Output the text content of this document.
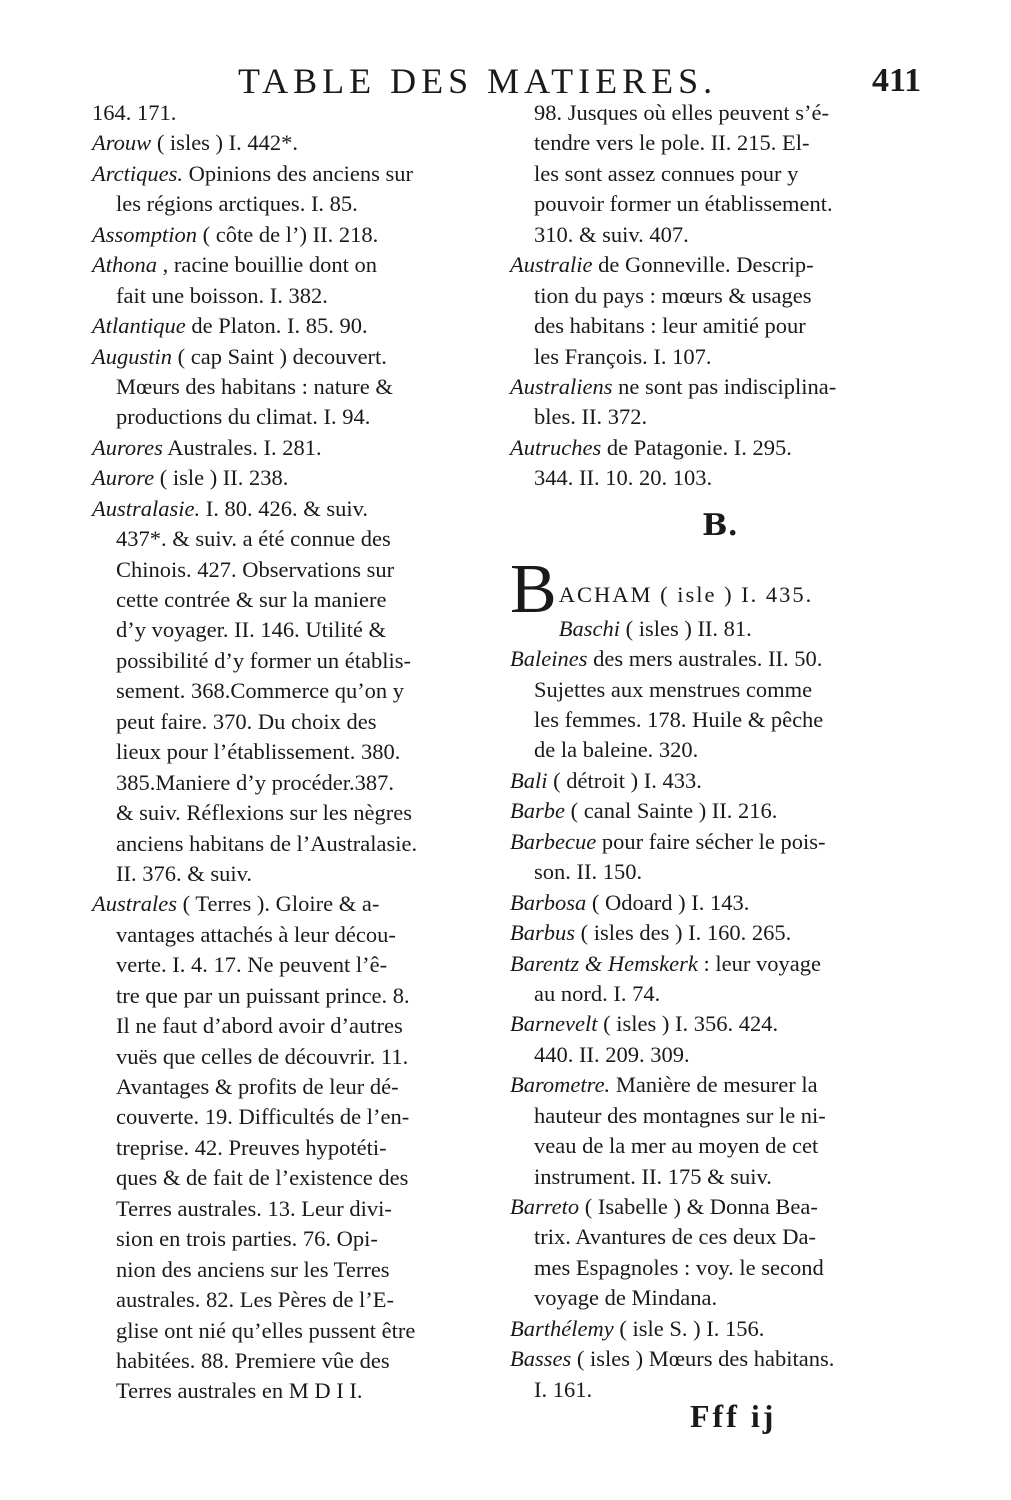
TABLE DES MATIERES.	411
164. 171.
Arouw ( isles ) I. 442*.
Arctiques. Opinions des anciens sur
les régions arctiques. I. 85.
Assomption ( côte de l’) II. 218.
Athona , racine bouillie dont on
fait une boisson. I. 382.
Atlantique de Platon. I. 85. 90.
Augustin ( cap Saint ) decouvert.
Mœurs des habitans : nature &
productions du climat. I. 94.
Aurores Australes. I. 281.
Aurore ( isle ) II. 238.
Australasie. I. 80. 426. & suiv.
437*. & suiv. a été connue des
Chinois. 427. Observations sur
cette contrée & sur la maniere
d’y voyager. II. 146. Utilité &
possibilité d’y former un établis-
sement. 368.Commerce qu’on y
peut faire. 370. Du choix des
lieux pour l’établissement. 380.
385.Maniere d’y procéder.387.
& suiv. Réflexions sur les nègres
anciens habitans de l’Australasie.
II. 376. & suiv.
Australes ( Terres ). Gloire & a-
vantages attachés à leur décou-
verte. I. 4. 17. Ne peuvent l’ê-
tre que par un puissant prince. 8.
Il ne faut d’abord avoir d’autres
vuës que celles de découvrir. 11.
Avantages & profits de leur dé-
couverte. 19. Difficultés de l’en-
treprise. 42. Preuves hypotéti-
ques & de fait de l’existence des
Terres australes. 13. Leur divi-
sion en trois parties. 76. Opi-
nion des anciens sur les Terres
australes. 82. Les Pères de l’E-
glise ont nié qu’elles pussent être
habitées. 88. Premiere vûe des
Terres australes en M D I I.
98. Jusques où elles peuvent s’é-
tendre vers le pole. II. 215. El-
les sont assez connues pour y
pouvoir former un établissement.
310. & suiv. 407.
Australie de Gonneville. Descrip-
tion du pays : mœurs & usages
des habitans : leur amitié pour
les François. I. 107.
Australiens ne sont pas indisciplina-
bles. II. 372.
Autruches de Patagonie. I. 295.
344. II. 10. 20. 103.
B.
B ACHAM ( isle ) I. 435.
Baschi ( isles ) II. 81.
Baleines des mers australes. II. 50.
Sujettes aux menstrues comme
les femmes. 178. Huile & pêche
de la baleine. 320.
Bali ( détroit ) I. 433.
Barbe ( canal Sainte ) II. 216.
Barbecue pour faire sécher le pois-
son. II. 150.
Barbosa ( Odoard ) I. 143.
Barbus ( isles des ) I. 160. 265.
Barentz & Hemskerk : leur voyage
au nord. I. 74.
Barnevelt ( isles ) I. 356. 424.
440. II. 209. 309.
Barometre. Manière de mesurer la
hauteur des montagnes sur le ni-
veau de la mer au moyen de cet
instrument. II. 175 & suiv.
Barreto ( Isabelle ) & Donna Bea-
trix. Avantures de ces deux Da-
mes Espagnoles : voy. le second
voyage de Mindana.
Barthélemy ( isle S. ) I. 156.
Basses ( isles ) Mœurs des habitans.
I. 161.
Fff ij
